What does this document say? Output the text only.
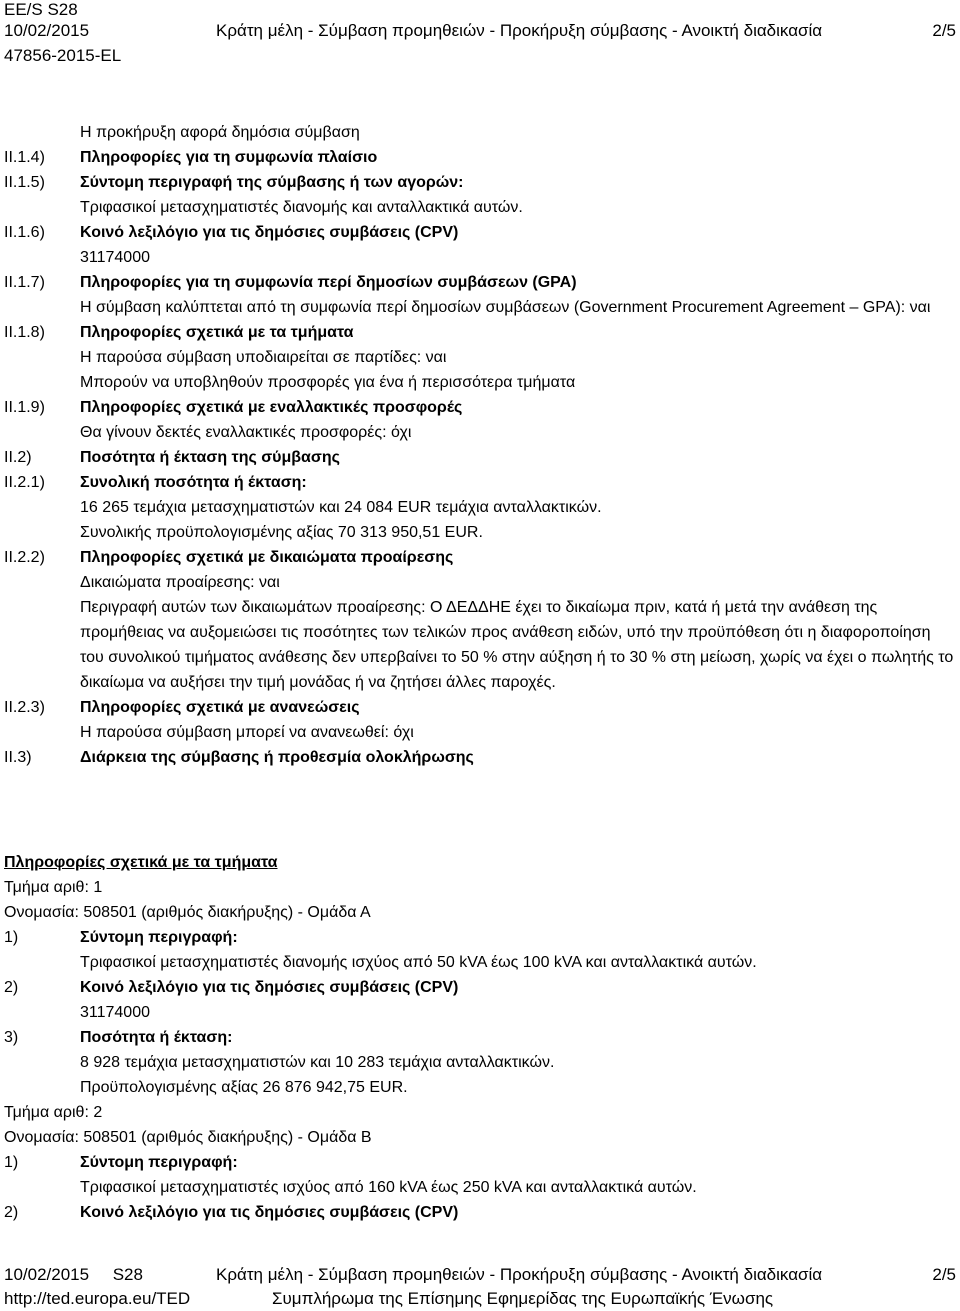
EE/S S28
10/02/2015
47856-2015-EL
Κράτη μέλη - Σύμβαση προμηθειών - Προκήρυξη σύμβασης - Ανοικτή διαδικασία	2/5
Η προκήρυξη αφορά δημόσια σύμβαση
II.1.4)	Πληροφορίες για τη συμφωνία πλαίσιο
II.1.5)	Σύντομη περιγραφή της σύμβασης ή των αγορών:
Τριφασικοί μετασχηματιστές διανομής και ανταλλακτικά αυτών.
II.1.6)	Κοινό λεξιλόγιο για τις δημόσιες συμβάσεις (CPV)
31174000
II.1.7)	Πληροφορίες για τη συμφωνία περί δημοσίων συμβάσεων (GPA)
Η σύμβαση καλύπτεται από τη συμφωνία περί δημοσίων συμβάσεων (Government Procurement Agreement – GPA): ναι
II.1.8)	Πληροφορίες σχετικά με τα τμήματα
Η παρούσα σύμβαση υποδιαιρείται σε παρτίδες: ναι
Μπορούν να υποβληθούν προσφορές για ένα ή περισσότερα τμήματα
II.1.9)	Πληροφορίες σχετικά με εναλλακτικές προσφορές
Θα γίνουν δεκτές εναλλακτικές προσφορές: όχι
II.2)	Ποσότητα ή έκταση της σύμβασης
II.2.1)	Συνολική ποσότητα ή έκταση:
16 265 τεμάχια μετασχηματιστών και 24 084 EUR τεμάχια ανταλλακτικών.
Συνολικής προϋπολογισμένης αξίας 70 313 950,51 EUR.
II.2.2)	Πληροφορίες σχετικά με δικαιώματα προαίρεσης
Δικαιώματα προαίρεσης: ναι
Περιγραφή αυτών των δικαιωμάτων προαίρεσης: Ο ΔΕΔΔΗΕ έχει το δικαίωμα πριν, κατά ή μετά την ανάθεση της προμήθειας να αυξομειώσει τις ποσότητες των τελικών προς ανάθεση ειδών, υπό την προϋπόθεση ότι η διαφοροποίηση του συνολικού τιμήματος ανάθεσης δεν υπερβαίνει το 50 % στην αύξηση ή το 30 % στη μείωση, χωρίς να έχει ο πωλητής το δικαίωμα να αυξήσει την τιμή μονάδας ή να ζητήσει άλλες παροχές.
II.2.3)	Πληροφορίες σχετικά με ανανεώσεις
Η παρούσα σύμβαση μπορεί να ανανεωθεί: όχι
II.3)	Διάρκεια της σύμβασης ή προθεσμία ολοκλήρωσης
Πληροφορίες σχετικά με τα τμήματα
Τμήμα αριθ: 1
Ονομασία: 508501 (αριθμός διακήρυξης) - Ομάδα Α
1)	Σύντομη περιγραφή:
Τριφασικοί μετασχηματιστές διανομής ισχύος από 50 kVA έως 100 kVA και ανταλλακτικά αυτών.
2)	Κοινό λεξιλόγιο για τις δημόσιες συμβάσεις (CPV)
31174000
3)	Ποσότητα ή έκταση:
8 928 τεμάχια μετασχηματιστών και 10 283 τεμάχια ανταλλακτικών.
Προϋπολογισμένης αξίας 26 876 942,75 EUR.
Τμήμα αριθ: 2
Ονομασία: 508501 (αριθμός διακήρυξης) - Ομάδα Β
1)	Σύντομη περιγραφή:
Τριφασικοί μετασχηματιστές ισχύος από 160 kVA έως 250 kVA και ανταλλακτικά αυτών.
2)	Κοινό λεξιλόγιο για τις δημόσιες συμβάσεις (CPV)
10/02/2015     S28
http://ted.europa.eu/TED
Κράτη μέλη - Σύμβαση προμηθειών - Προκήρυξη σύμβασης - Ανοικτή διαδικασία
Συμπλήρωμα της Επίσημης Εφημερίδας της Ευρωπαϊκής Ένωσης
2/5
